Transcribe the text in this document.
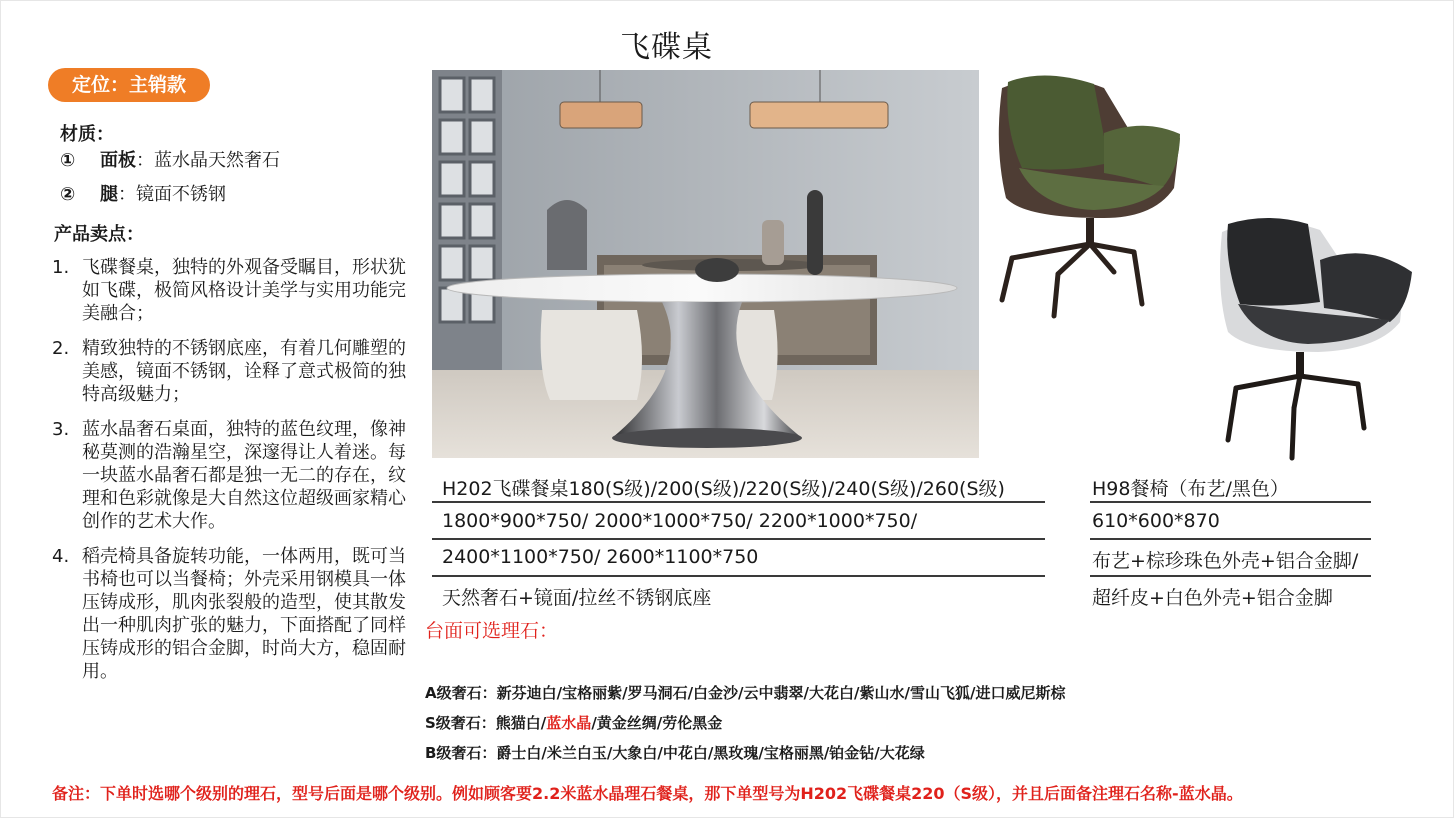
飞碟桌
定位：主销款
材质：
① 面板：蓝水晶天然奢石
② 腿：镜面不锈钢
产品卖点：
1. 飞碟餐桌，独特的外观备受瞩目，形状犹如飞碟，极简风格设计美学与实用功能完美融合；
2. 精致独特的不锈钢底座，有着几何雕塑的美感，镜面不锈钢，诠释了意式极简的独特高级魅力；
3. 蓝水晶奢石桌面，独特的蓝色纹理，像神秘莫测的浩瀚星空，深邃得让人着迷。每一块蓝水晶奢石都是独一无二的存在，纹理和色彩就像是大自然这位超级画家精心创作的艺术大作。
4. 稻壳椅具备旋转功能，一体两用，既可当书椅也可以当餐椅；外壳采用钢模具一体压铸成形，肌肉张裂般的造型，使其散发出一种肌肉扩张的魅力，下面搭配了同样压铸成形的铝合金脚，时尚大方，稳固耐用。
H202飞碟餐桌180(S级)/200(S级)/220(S级)/240(S级)/260(S级)
1800*900*750/ 2000*1000*750/ 2200*1000*750/
2400*1100*750/ 2600*1100*750
天然奢石+镜面/拉丝不锈钢底座
H98餐椅（布艺/黑色）
610*600*870
布艺+棕珍珠色外壳+铝合金脚/
超纤皮+白色外壳+铝合金脚
台面可选理石：
A级奢石：新芬迪白/宝格丽紫/罗马洞石/白金沙/云中翡翠/大花白/紫山水/雪山飞狐/进口威尼斯棕
S级奢石：熊猫白/蓝水晶/黄金丝绸/劳伦黑金
B级奢石：爵士白/米兰白玉/大象白/中花白/黑玫瑰/宝格丽黑/铂金钻/大花绿
备注：下单时选哪个级别的理石，型号后面是哪个级别。例如顾客要2.2米蓝水晶理石餐桌，那下单型号为H202飞碟餐桌220（S级），并且后面备注理石名称-蓝水晶。
